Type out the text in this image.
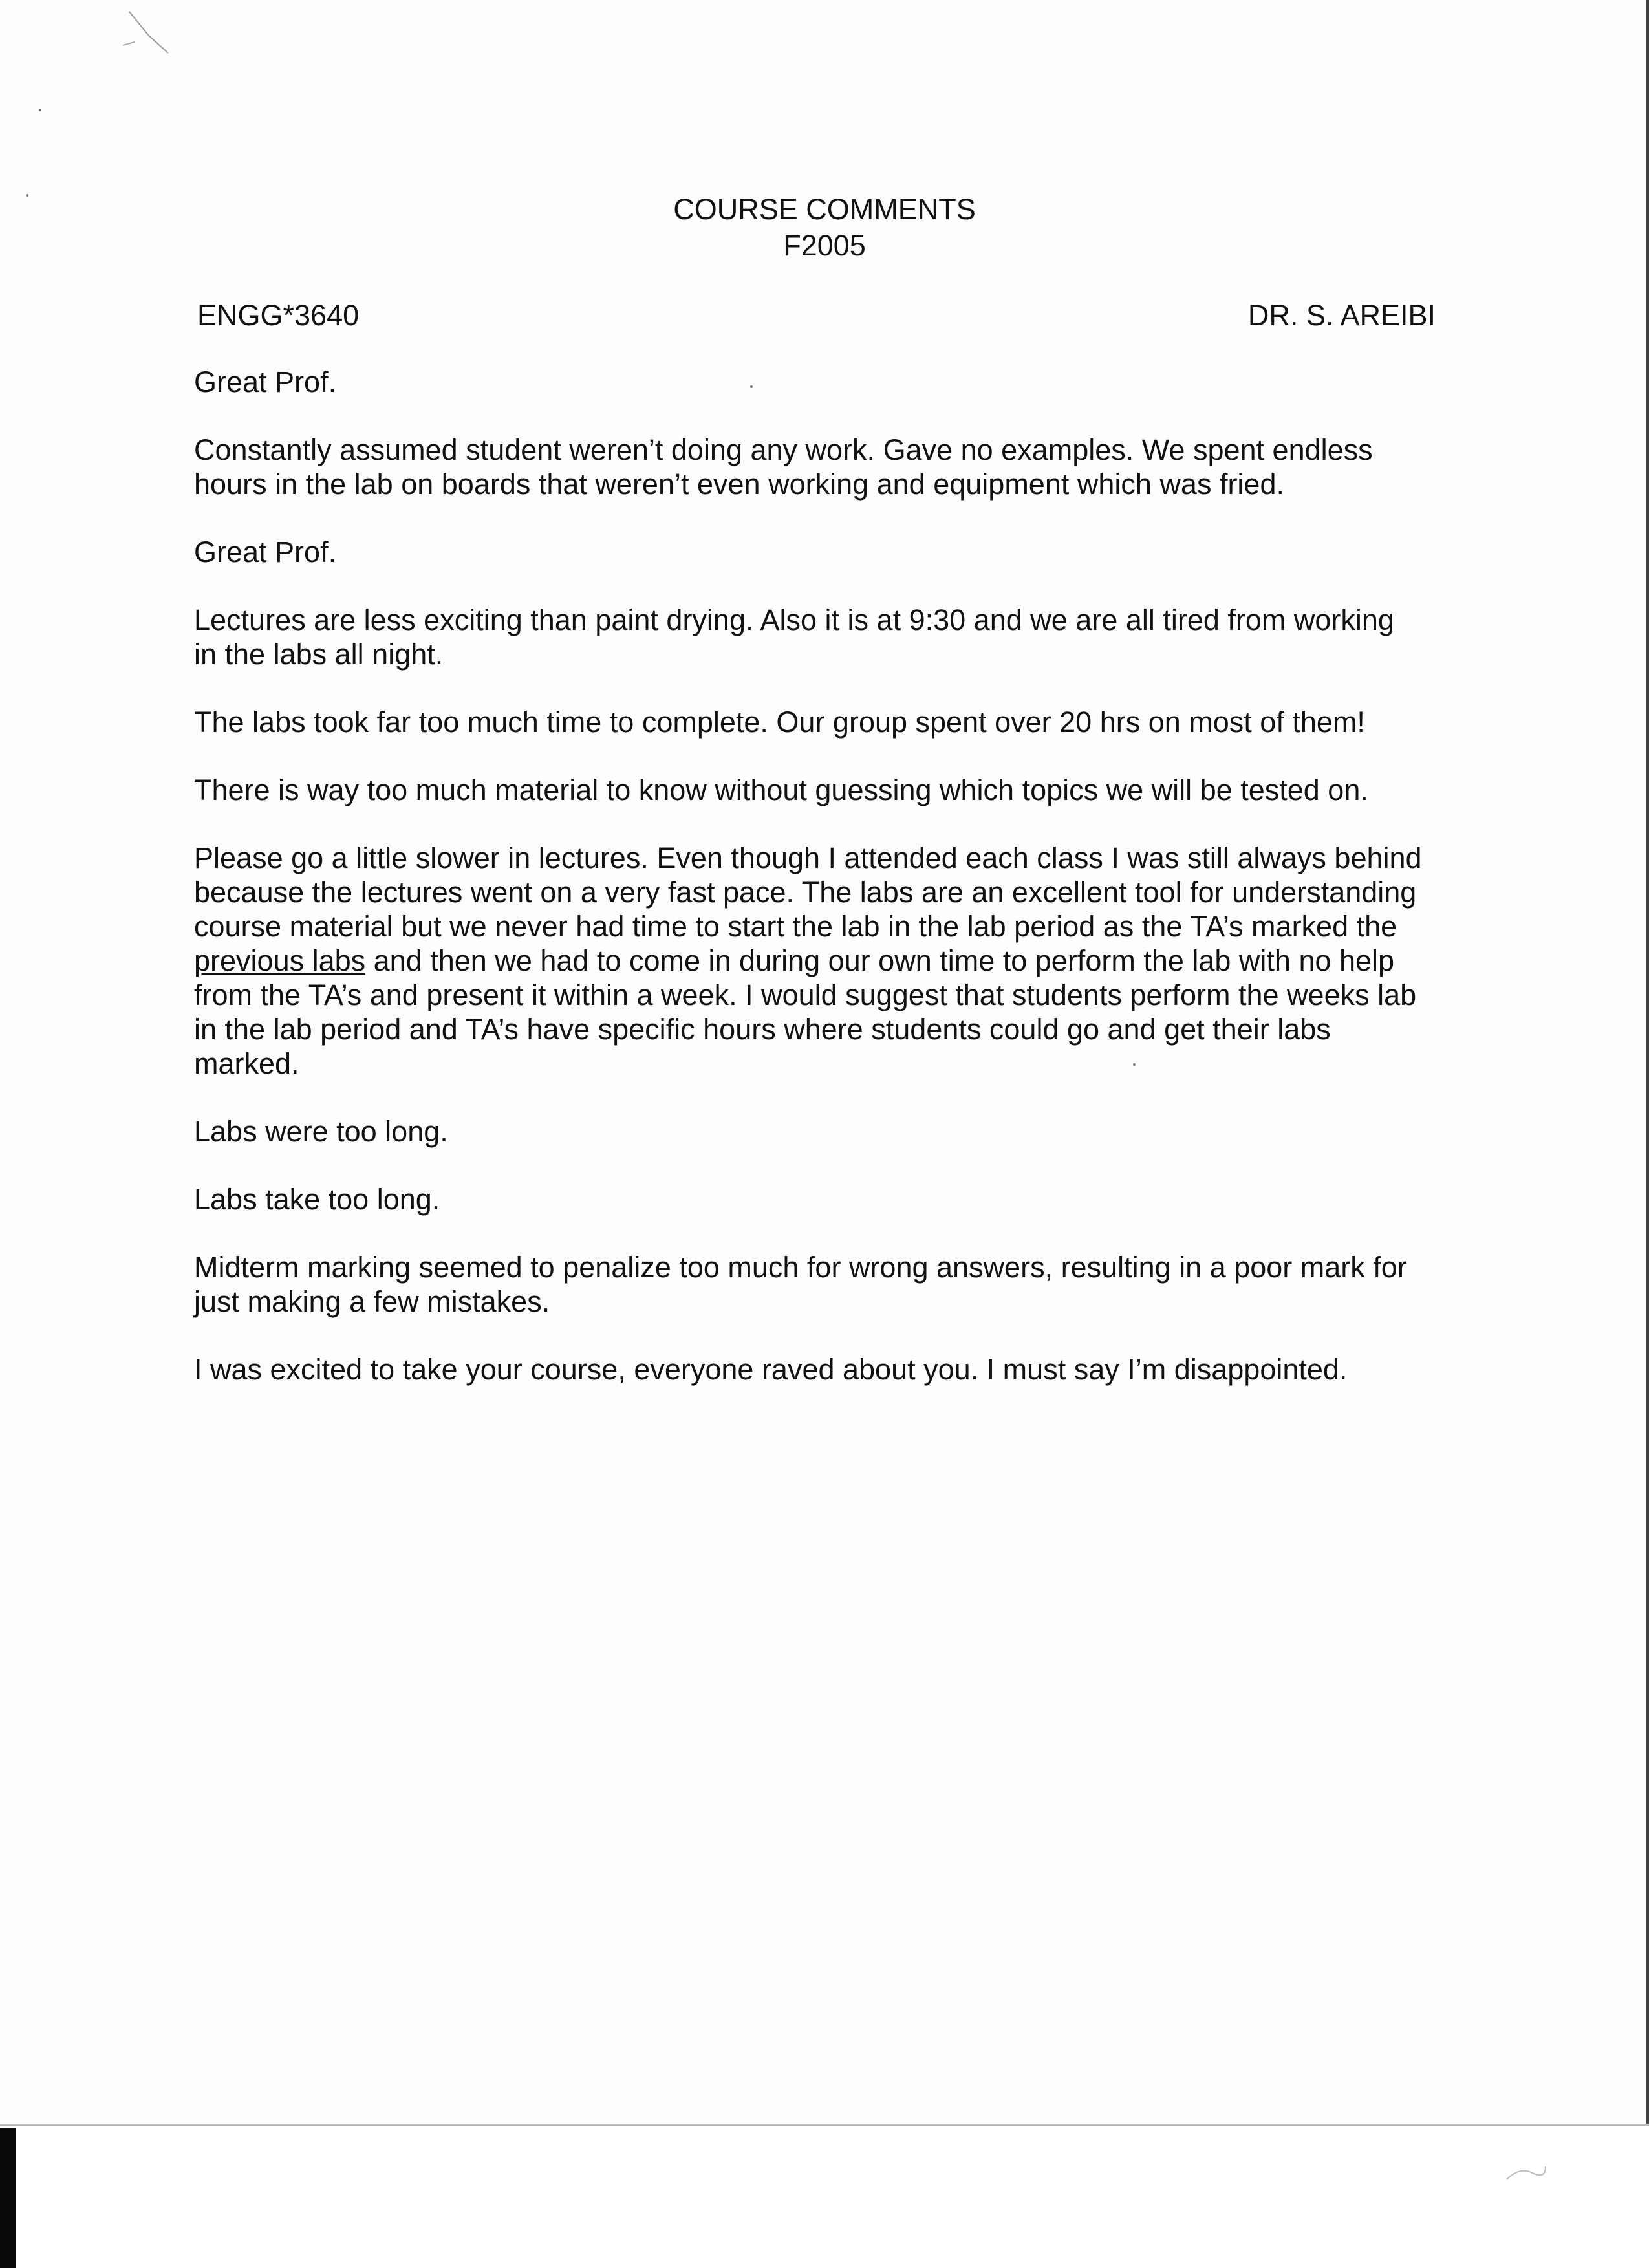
COURSE COMMENTS
F2005
ENGG*3640	DR. S. AREIBI

Great Prof.

Constantly assumed student weren’t doing any work. Gave no examples. We spent endless
hours in the lab on boards that weren’t even working and equipment which was fried.

Great Prof.

Lectures are less exciting than paint drying. Also it is at 9:30 and we are all tired from working
in the labs all night.

The labs took far too much time to complete. Our group spent over 20 hrs on most of them!

There is way too much material to know without guessing which topics we will be tested on.

Please go a little slower in lectures. Even though I attended each class I was still always behind
because the lectures went on a very fast pace. The labs are an excellent tool for understanding
course material but we never had time to start the lab in the lab period as the TA’s marked the
previous labs and then we had to come in during our own time to perform the lab with no help
from the TA’s and present it within a week. I would suggest that students perform the weeks lab
in the lab period and TA’s have specific hours where students could go and get their labs
marked.

Labs were too long.

Labs take too long.

Midterm marking seemed to penalize too much for wrong answers, resulting in a poor mark for
just making a few mistakes.

I was excited to take your course, everyone raved about you. I must say I’m disappointed.
